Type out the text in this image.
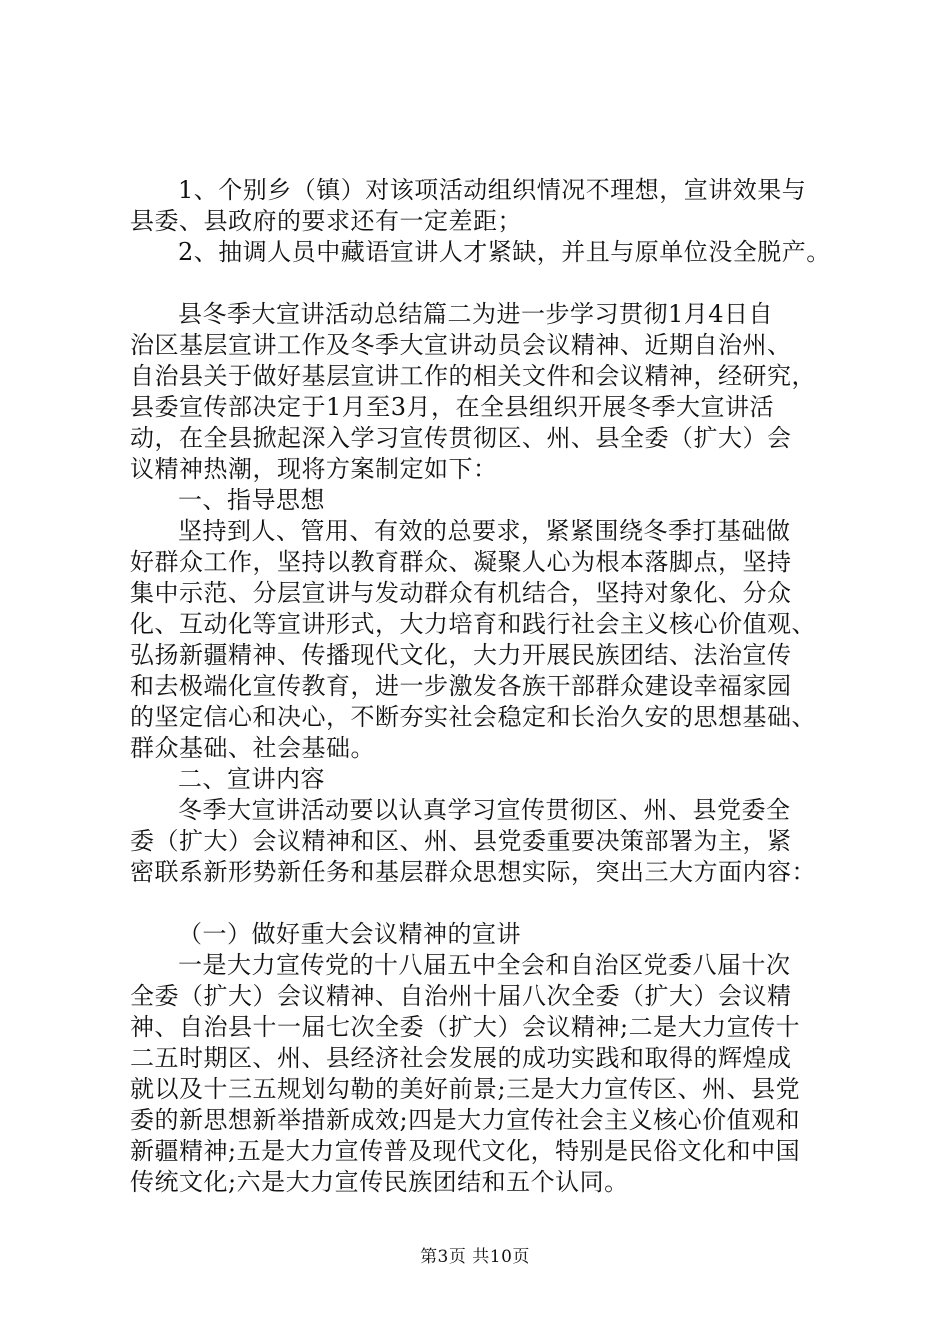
1、个别乡（镇）对该项活动组织情况不理想，宣讲效果与
县委、县政府的要求还有一定差距；
2、抽调人员中藏语宣讲人才紧缺，并且与原单位没全脱产。
县冬季大宣讲活动总结篇二为进一步学习贯彻1月4日自
治区基层宣讲工作及冬季大宣讲动员会议精神、近期自治州、
自治县关于做好基层宣讲工作的相关文件和会议精神，经研究，
县委宣传部决定于1月至3月，在全县组织开展冬季大宣讲活
动，在全县掀起深入学习宣传贯彻区、州、县全委（扩大）会
议精神热潮，现将方案制定如下：
一、指导思想
坚持到人、管用、有效的总要求，紧紧围绕冬季打基础做
好群众工作，坚持以教育群众、凝聚人心为根本落脚点，坚持
集中示范、分层宣讲与发动群众有机结合，坚持对象化、分众
化、互动化等宣讲形式，大力培育和践行社会主义核心价值观、
弘扬新疆精神、传播现代文化，大力开展民族团结、法治宣传
和去极端化宣传教育，进一步激发各族干部群众建设幸福家园
的坚定信心和决心，不断夯实社会稳定和长治久安的思想基础、
群众基础、社会基础。
二、宣讲内容
冬季大宣讲活动要以认真学习宣传贯彻区、州、县党委全
委（扩大）会议精神和区、州、县党委重要决策部署为主，紧
密联系新形势新任务和基层群众思想实际，突出三大方面内容：
（一）做好重大会议精神的宣讲
一是大力宣传党的十八届五中全会和自治区党委八届十次
全委（扩大）会议精神、自治州十届八次全委（扩大）会议精
神、自治县十一届七次全委（扩大）会议精神;二是大力宣传十
二五时期区、州、县经济社会发展的成功实践和取得的辉煌成
就以及十三五规划勾勒的美好前景;三是大力宣传区、州、县党
委的新思想新举措新成效;四是大力宣传社会主义核心价值观和
新疆精神;五是大力宣传普及现代文化，特别是民俗文化和中国
传统文化;六是大力宣传民族团结和五个认同。
第3页 共10页
